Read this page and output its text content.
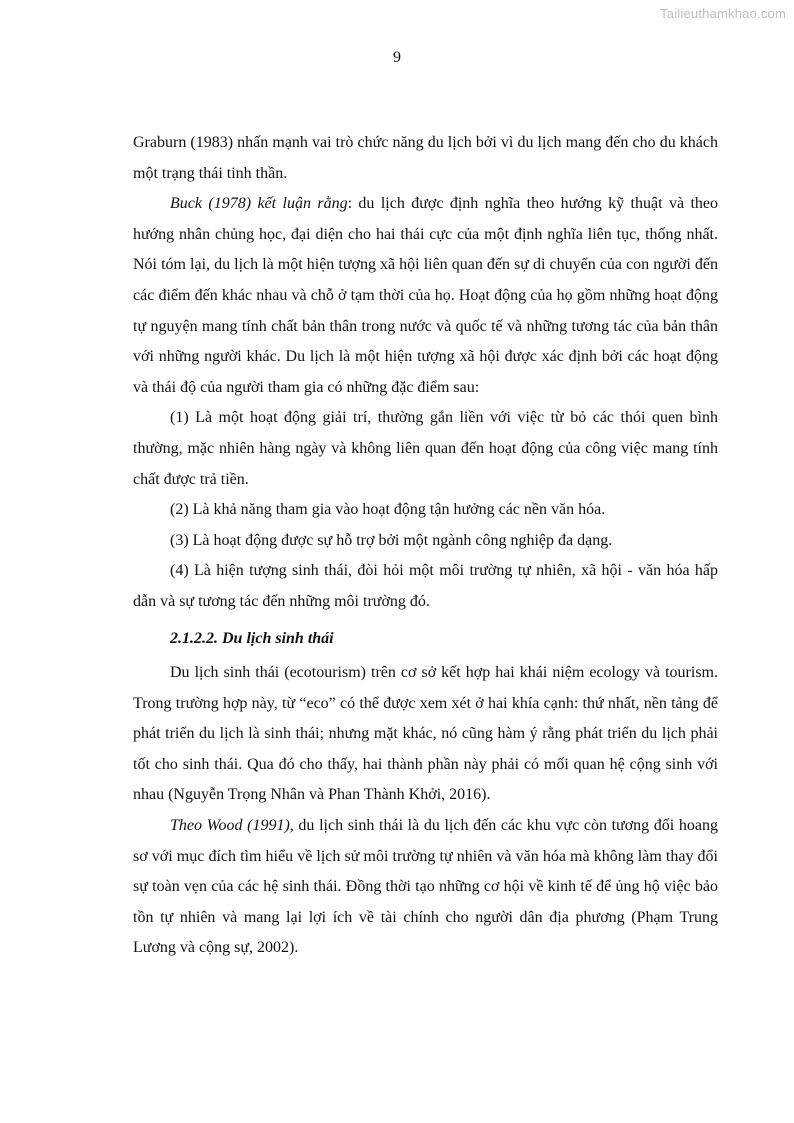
Tailieuthamkhao.com
9

Graburn (1983) nhấn mạnh vai trò chức năng du lịch bởi vì du lịch mang đến cho du khách một trạng thái tinh thần.

Buck (1978) kết luận rằng: du lịch được định nghĩa theo hướng kỹ thuật và theo hướng nhân chủng học, đại diện cho hai thái cực của một định nghĩa liên tục, thống nhất. Nói tóm lại, du lịch là một hiện tượng xã hội liên quan đến sự di chuyển của con người đến các điểm đến khác nhau và chỗ ở tạm thời của họ. Hoạt động của họ gồm những hoạt động tự nguyện mang tính chất bản thân trong nước và quốc tế và những tương tác của bản thân với những người khác. Du lịch là một hiện tượng xã hội được xác định bởi các hoạt động và thái độ của người tham gia có những đặc điểm sau:

(1) Là một hoạt động giải trí, thường gắn liền với việc từ bỏ các thói quen bình thường, mặc nhiên hàng ngày và không liên quan đến hoạt động của công việc mang tính chất được trả tiền.

(2) Là khả năng tham gia vào hoạt động tận hưởng các nền văn hóa.

(3) Là hoạt động được sự hỗ trợ bởi một ngành công nghiệp đa dạng.

(4) Là hiện tượng sinh thái, đòi hỏi một môi trường tự nhiên, xã hội - văn hóa hấp dẫn và sự tương tác đến những môi trường đó.

2.1.2.2. Du lịch sinh thái

Du lịch sinh thái (ecotourism) trên cơ sở kết hợp hai khái niệm ecology và tourism. Trong trường hợp này, từ “eco” có thể được xem xét ở hai khía cạnh: thứ nhất, nền tảng để phát triển du lịch là sinh thái; nhưng mặt khác, nó cũng hàm ý rằng phát triển du lịch phải tốt cho sinh thái. Qua đó cho thấy, hai thành phần này phải có mối quan hệ cộng sinh với nhau (Nguyễn Trọng Nhân và Phan Thành Khởi, 2016).

Theo Wood (1991), du lịch sinh thái là du lịch đến các khu vực còn tương đối hoang sơ với mục đích tìm hiểu về lịch sử môi trường tự nhiên và văn hóa mà không làm thay đổi sự toàn vẹn của các hệ sinh thái. Đồng thời tạo những cơ hội về kinh tế để ủng hộ việc bảo tồn tự nhiên và mang lại lợi ích về tài chính cho người dân địa phương (Phạm Trung Lương và cộng sự, 2002).
